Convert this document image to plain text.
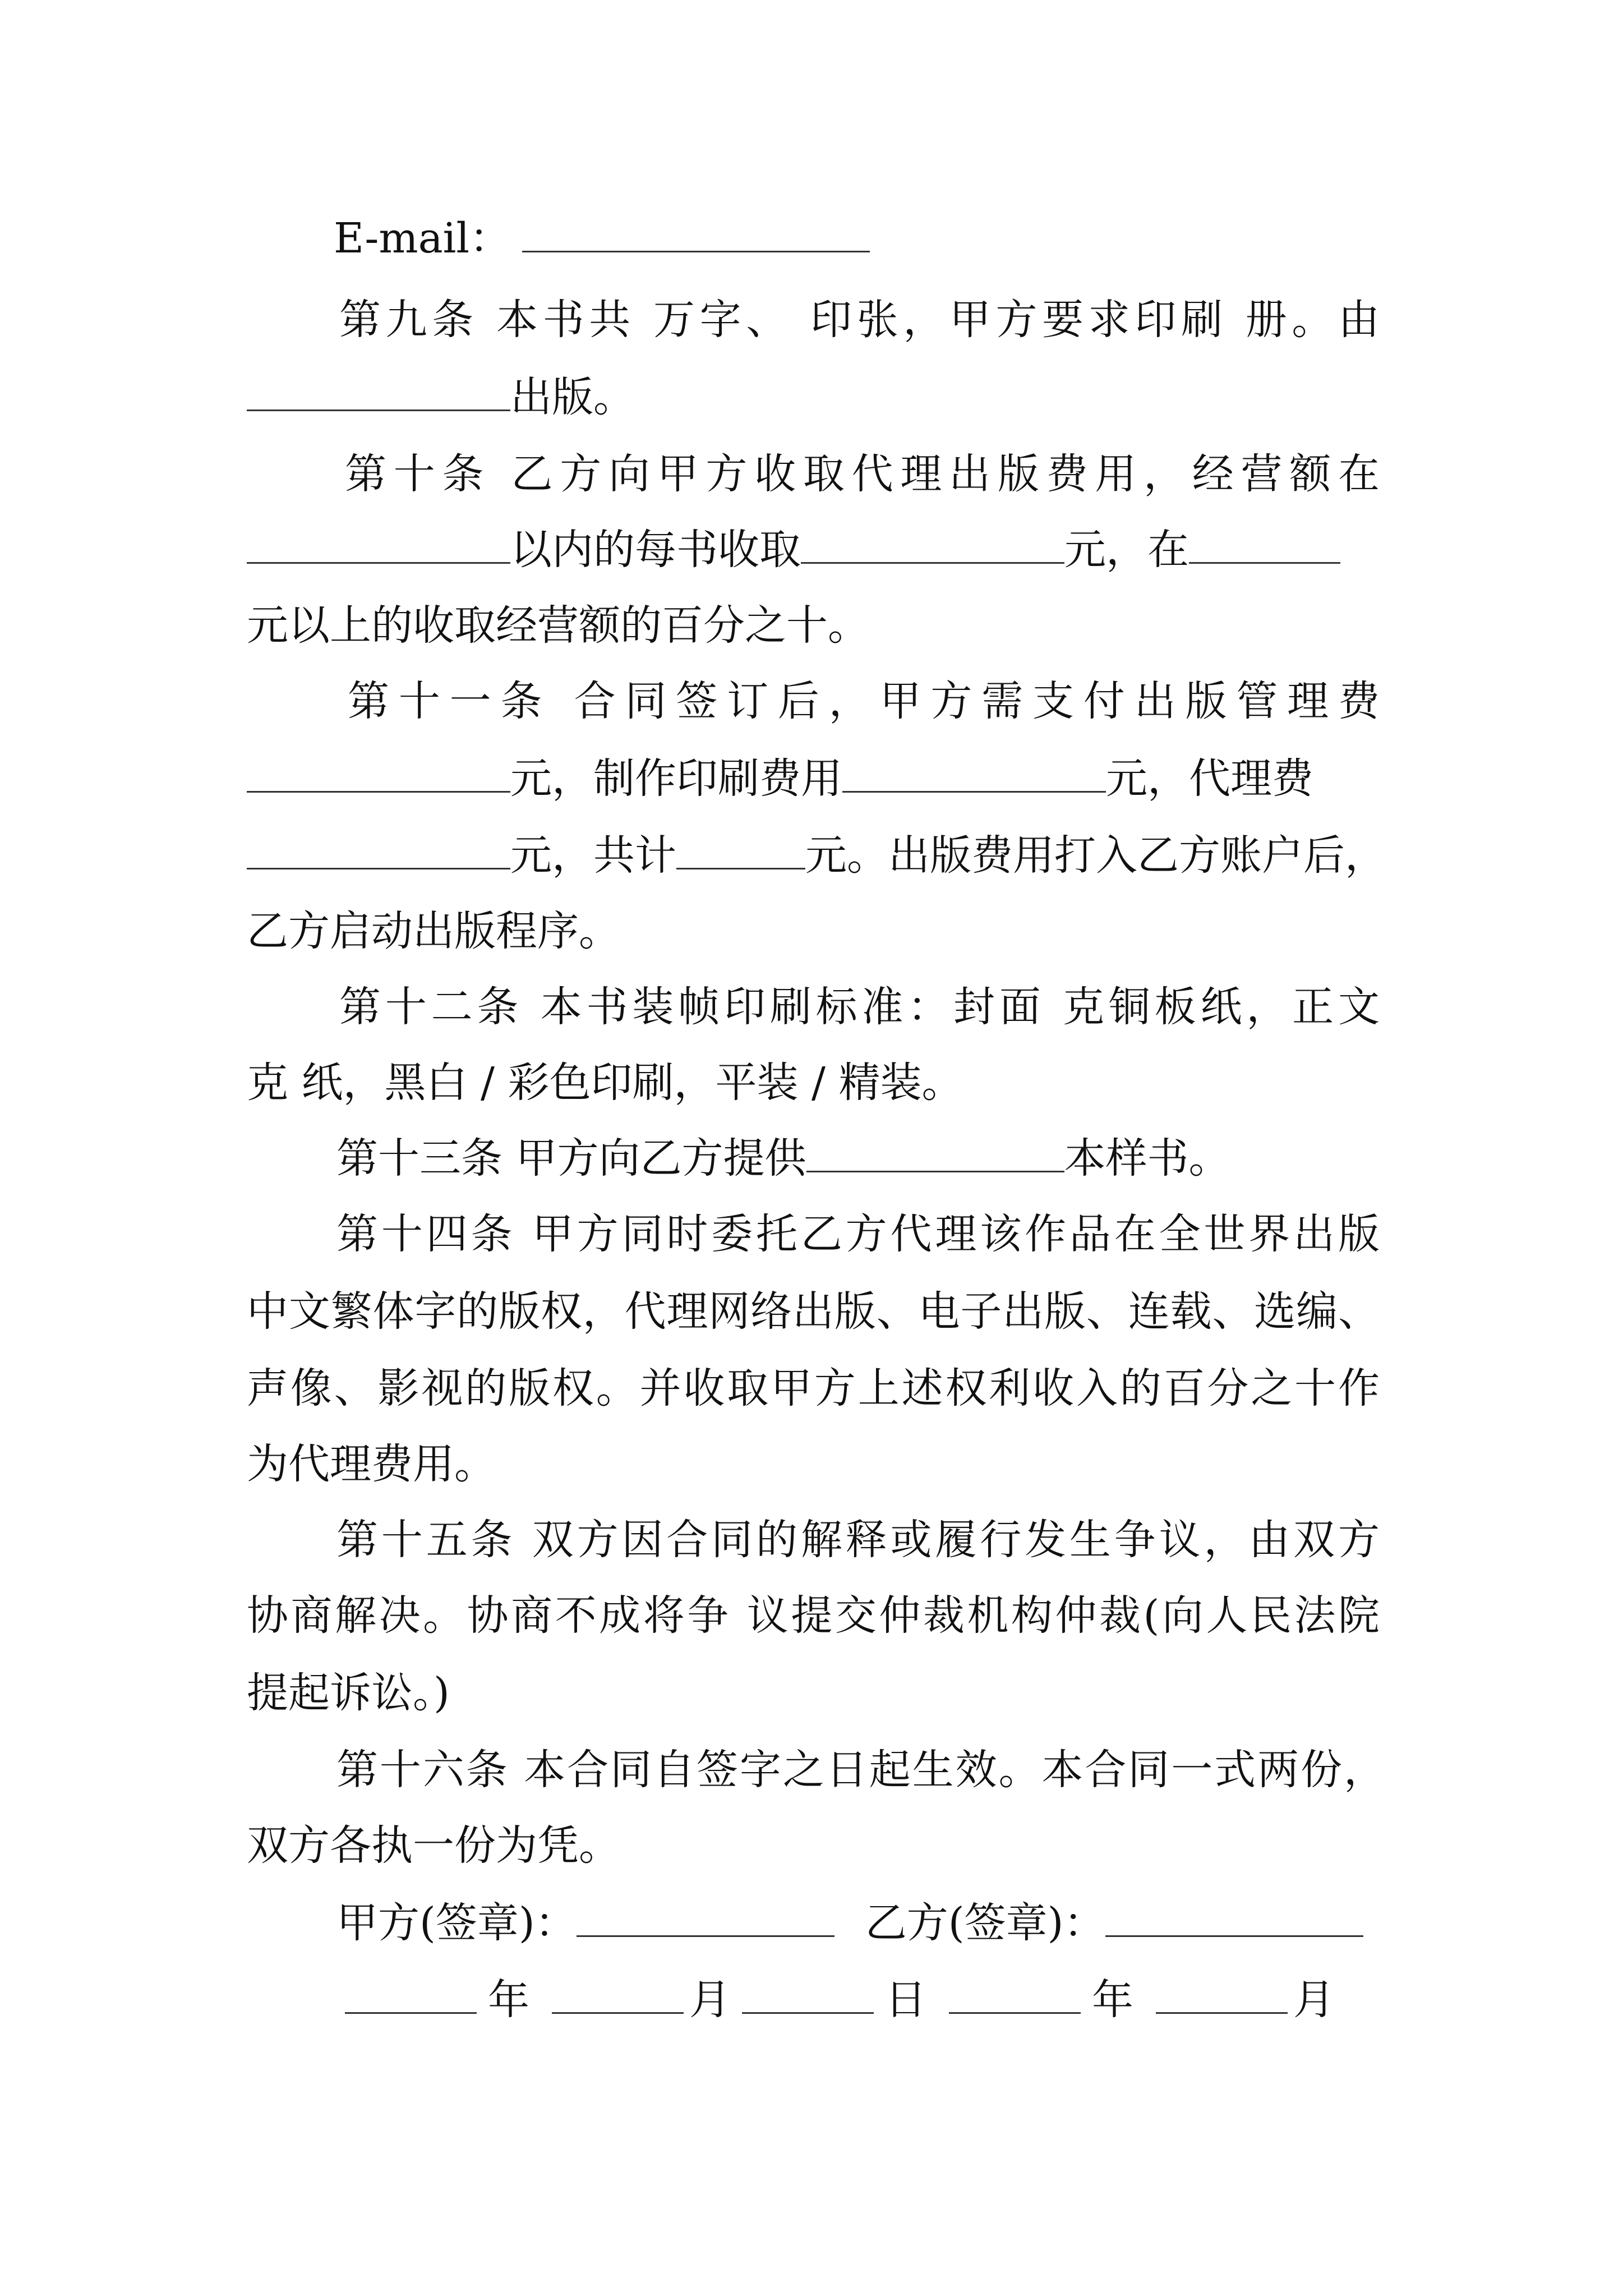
E-mail：
第九条 本书共 万字、 印张，甲方要求印刷 册。由
出版。
第十条 乙方向甲方收取代理出版费用，经营额在
以内的每书收取	元，在
元以上的收取经营额的百分之十。
第十一条 合同签订后，甲方需支付出版管理费
元，制作印刷费用	元，代理费
元，共计	元。出版费用打入乙方账户后，
乙方启动出版程序。
第十二条 本书装帧印刷标准：封面 克铜板纸，正文
克 纸，黑白 / 彩色印刷，平装 / 精装。
第十三条 甲方向乙方提供	本样书。
第十四条 甲方同时委托乙方代理该作品在全世界出版
中文繁体字的版权，代理网络出版、电子出版、连载、选编、
声像、影视的版权。并收取甲方上述权利收入的百分之十作
为代理费用。
第十五条 双方因合同的解释或履行发生争议，由双方
协商解决。协商不成将争 议提交仲裁机构仲裁(向人民法院
提起诉讼。)
第十六条 本合同自签字之日起生效。本合同一式两份，
双方各执一份为凭。
甲方(签章)：	乙方(签章)：
年	月	日	年	月
